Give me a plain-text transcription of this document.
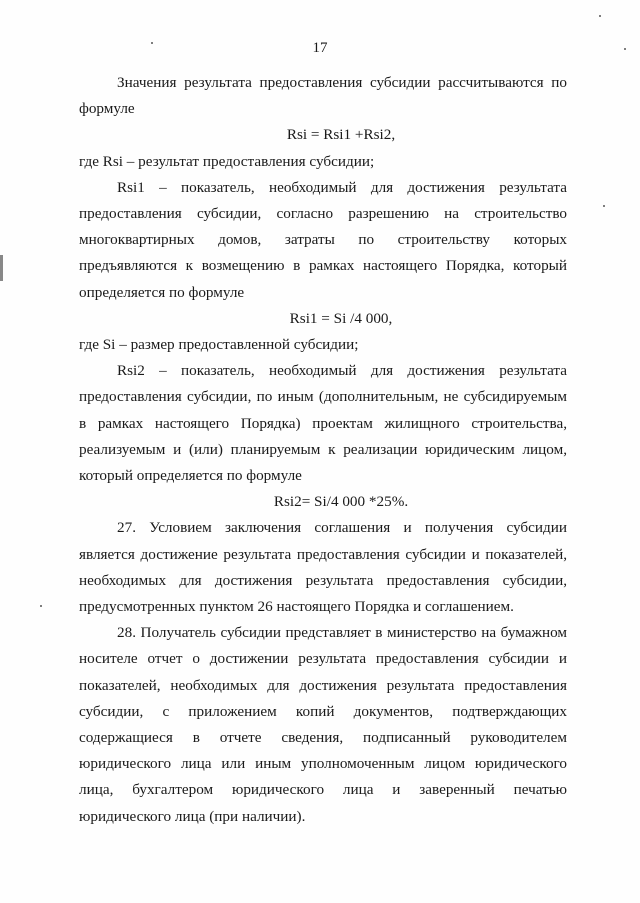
17

Значения результата предоставления субсидии рассчитываются по формуле

Rsi = Rsi1 +Rsi2,

где Rsi – результат предоставления субсидии;

Rsi1 – показатель, необходимый для достижения результата предоставления субсидии, согласно разрешению на строительство многоквартирных домов, затраты по строительству которых предъявляются к возмещению в рамках настоящего Порядка, который определяется по формуле

Rsi1 = Si /4 000,

где Si – размер предоставленной субсидии;

Rsi2 – показатель, необходимый для достижения результата предоставления субсидии, по иным (дополнительным, не субсидируемым в рамках настоящего Порядка) проектам жилищного строительства, реализуемым и (или) планируемым к реализации юридическим лицом, который определяется по формуле

Rsi2= Si/4 000 *25%.

27. Условием заключения соглашения и получения субсидии является достижение результата предоставления субсидии и показателей, необходимых для достижения результата предоставления субсидии, предусмотренных пунктом 26 настоящего Порядка и соглашением.

28. Получатель субсидии представляет в министерство на бумажном носителе отчет о достижении результата предоставления субсидии и показателей, необходимых для достижения результата предоставления субсидии, с приложением копий документов, подтверждающих содержащиеся в отчете сведения, подписанный руководителем юридического лица или иным уполномоченным лицом юридического лица, бухгалтером юридического лица и заверенный печатью юридического лица (при наличии).
